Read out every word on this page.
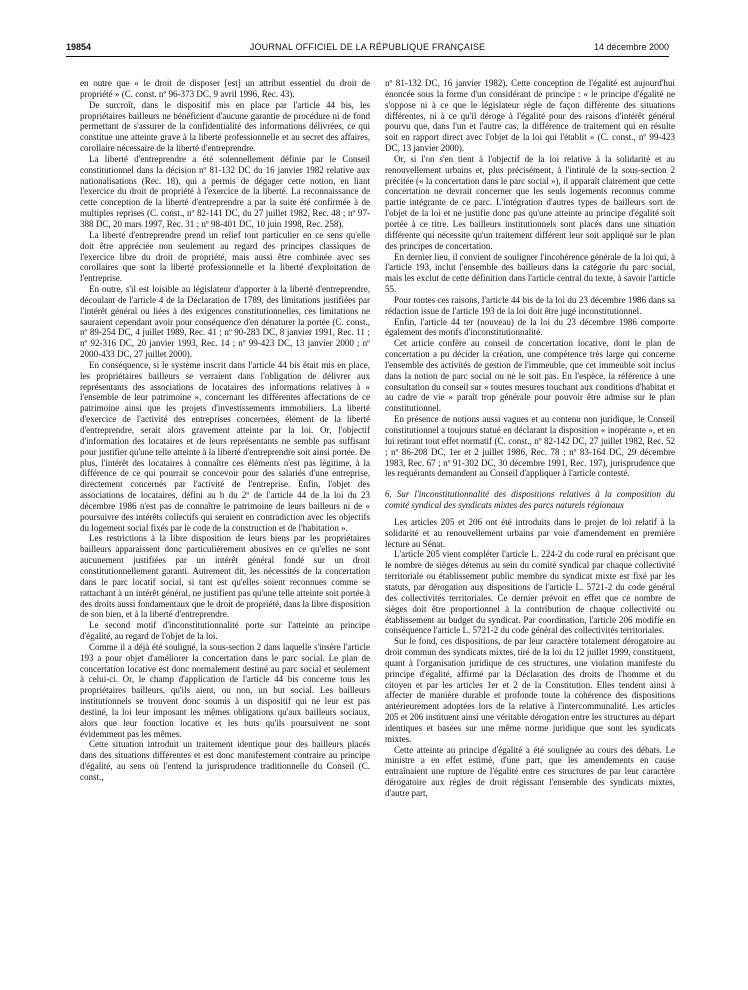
19854	JOURNAL OFFICIEL DE LA RÉPUBLIQUE FRANÇAISE	14 décembre 2000

en outre que « le droit de disposer [est] un attribut essentiel du droit de propriété » (C. const. nº 96-373 DC, 9 avril 1996, Rec. 43).

De surcroît, dans le dispositif mis en place par l'article 44 bis, les propriétaires bailleurs ne bénéficient d'aucune garantie de procédure ni de fond permettant de s'assurer de la confidentialité des informations délivrées, ce qui constitue une atteinte grave à la liberté professionnelle et au secret des affaires, corollaire nécessaire de la liberté d'entreprendre.

La liberté d'entreprendre a été solennellement définie par le Conseil constitutionnel dans la décision nº 81-132 DC du 16 janvier 1982 relative aux nationalisations (Rec. 18), qui a permis de dégager cette notion, en liant l'exercice du droit de propriété à l'exercice de la liberté. La reconnaissance de cette conception de la liberté d'entreprendre a par la suite été confirmée à de multiples reprises (C. const., nº 82-141 DC, du 27 juillet 1982, Rec. 48 ; nº 97-388 DC, 20 mars 1997, Rec. 31 ; nº 98-401 DC, 10 juin 1998, Rec. 258).

La liberté d'entreprendre prend un relief tout particulier en ce sens qu'elle doit être appréciée non seulement au regard des principes classiques de l'exercice libre du droit de propriété, mais aussi être combinée avec ses corollaires que sont la liberté professionnelle et la liberté d'exploitation de l'entreprise.

En outre, s'il est loisible au législateur d'apporter à la liberté d'entreprendre, découlant de l'article 4 de la Déclaration de 1789, des limitations justifiées par l'intérêt général ou liées à des exigences constitutionnelles, ces limitations ne sauraient cependant avoir pour conséquence d'en dénaturer la portée (C. const., nº 89-254 DC, 4 juillet 1989, Rec. 41 ; nº 90-283 DC, 8 janvier 1991, Rec. 11 ; nº 92-316 DC, 20 janvier 1993, Rec. 14 ; nº 99-423 DC, 13 janvier 2000 ; nº 2000-433 DC, 27 juillet 2000).

En conséquence, si le système inscrit dans l'article 44 bis était mis en place, les propriétaires bailleurs se verraient dans l'obligation de délivrer aux représentants des associations de locataires des informations relatives à « l'ensemble de leur patrimoine », concernant les différentes affectations de ce patrimoine ainsi que les projets d'investissements immobiliers. La liberté d'exercice de l'activité des entreprises concernées, élément de la liberté d'entreprendre, serait alors gravement atteinte par la loi. Or, l'objectif d'information des locataires et de leurs représentants ne semble pas suffisant pour justifier qu'une telle atteinte à la liberté d'entreprendre soit ainsi portée. De plus, l'intérêt des locataires à connaître ces éléments n'est pas légitime, à la différence de ce qui pourrait se concevoir pour des salariés d'une entreprise, directement concernés par l'activité de l'entreprise. Enfin, l'objet des associations de locataires, défini au b du 2º de l'article 44 de la loi du 23 décembre 1986 n'est pas de connaître le patrimoine de leurs bailleurs ni de « poursuivre des intérêts collectifs qui seraient en contradiction avec les objectifs du logement social fixés par le code de la construction et de l'habitation ».

Les restrictions à la libre disposition de leurs biens par les propriétaires bailleurs apparaissent donc particulièrement abusives en ce qu'elles ne sont aucunement justifiées par un intérêt général fondé sur un droit constitutionnellement garanti. Autrement dit, les nécessités de la concertation dans le parc locatif social, si tant est qu'elles soient reconnues comme se rattachant à un intérêt général, ne justifient pas qu'une telle atteinte soit portée à des droits aussi fondamentaux que le droit de propriété, dans la libre disposition de son bien, et à la liberté d'entreprendre.

Le second motif d'inconstitutionnalité porte sur l'atteinte au principe d'égalité, au regard de l'objet de la loi.

Comme il a déjà été souligné, la sous-section 2 dans laquelle s'insère l'article 193 a pour objet d'améliorer la concertation dans le parc social. Le plan de concertation locative est donc normalement destiné au parc social et seulement à celui-ci. Or, le champ d'application de l'article 44 bis concerne tous les propriétaires bailleurs, qu'ils aient, ou non, un but social. Les bailleurs institutionnels se trouvent donc soumis à un dispositif qui ne leur est pas destiné, la loi leur imposant les mêmes obligations qu'aux bailleurs sociaux, alors que leur fonction locative et les buts qu'ils poursuivent ne sont évidemment pas les mêmes.

Cette situation introduit un traitement identique pour des bailleurs placés dans des situations différentes et est donc manifestement contraire au principe d'égalité, au sens où l'entend la jurisprudence traditionnelle du Conseil (C. const.,

nº 81-132 DC, 16 janvier 1982). Cette conception de l'égalité est aujourd'hui énoncée sous la forme d'un considérant de principe : « le principe d'égalité ne s'oppose ni à ce que le législateur règle de façon différente des situations différentes, ni à ce qu'il déroge à l'égalité pour des raisons d'intérêt général pourvu que, dans l'un et l'autre cas, la différence de traitement qui en résulte soit en rapport direct avec l'objet de la loi qui l'établit » (C. const., nº 99-423 DC, 13 janvier 2000).

Or, si l'on s'en tient à l'objectif de la loi relative à la solidarité et au renouvellement urbains et, plus précisément, à l'intitulé de la sous-section 2 précitée (« la concertation dans le parc social »), il apparaît clairement que cette concertation ne devrait concerner que les seuls logements reconnus comme partie intégrante de ce parc. L'intégration d'autres types de bailleurs sort de l'objet de la loi et ne justifie donc pas qu'une atteinte au principe d'égalité soit portée à ce titre. Les bailleurs institutionnels sont placés dans une situation différente qui nécessite qu'un traitement différent leur soit appliqué sur le plan des principes de concertation.

En dernier lieu, il convient de souligner l'incohérence générale de la loi qui, à l'article 193, inclut l'ensemble des bailleurs dans la catégorie du parc social, mais les exclut de cette définition dans l'article central du texte, à savoir l'article 55.

Pour toutes ces raisons, l'article 44 bis de la loi du 23 décembre 1986 dans sa rédaction issue de l'article 193 de la loi doit être jugé inconstitutionnel.

Enfin, l'article 44 ter (nouveau) de la loi du 23 décembre 1986 comporte également des motifs d'inconstitutionnalité.

Cet article confère au conseil de concertation locative, dont le plan de concertation a pu décider la création, une compétence très large qui concerne l'ensemble des activités de gestion de l'immeuble, que cet immeuble soit inclus dans la notion de parc social ou ne le soit pas. En l'espèce, la référence à une consultation du conseil sur « toutes mesures touchant aux conditions d'habitat et au cadre de vie » paraît trop générale pour pouvoir être admise sur le plan constitutionnel.

En présence de notions aussi vagues et au contenu non juridique, le Conseil constitutionnel a toujours statué en déclarant la disposition « inopérante », et en lui retirant tout effet normatif (C. const., nº 82-142 DC, 27 juillet 1982, Rec. 52 ; nº 86-208 DC, 1er et 2 juillet 1986, Rec. 78 ; nº 83-164 DC, 29 décembre 1983, Rec. 67 ; nº 91-302 DC, 30 décembre 1991, Rec. 197), jurisprudence que les requérants demandent au Conseil d'appliquer à l'article contesté.

6. Sur l'inconstitutionnalité des dispositions relatives à la composition du comité syndical des syndicats mixtes des parcs naturels régionaux

Les articles 205 et 206 ont été introduits dans le projet de loi relatif à la solidarité et au renouvellement urbains par voie d'amendement en première lecture au Sénat.

L'article 205 vient compléter l'article L. 224-2 du code rural en précisant que le nombre de sièges détenus au sein du comité syndical par chaque collectivité territoriale ou établissement public membre du syndicat mixte est fixé par les statuts, par dérogation aux dispositions de l'article L. 5721-2 du code général des collectivités territoriales. Ce dernier prévoit en effet que ce nombre de sièges doit être proportionnel à la contribution de chaque collectivité ou établissement au budget du syndicat. Par coordination, l'article 206 modifie en conséquence l'article L. 5721-2 du code général des collectivités territoriales.

Sur le fond, ces dispositions, de par leur caractère totalement dérogatoire au droit commun des syndicats mixtes, tiré de la loi du 12 juillet 1999, constituent, quant à l'organisation juridique de ces structures, une violation manifeste du principe d'égalité, affirmé par la Déclaration des droits de l'homme et du citoyen et par les articles 1er et 2 de la Constitution. Elles tendent ainsi à affecter de manière durable et profonde toute la cohérence des dispositions antérieurement adoptées lors de la relative à l'intercommunalité. Les articles 205 et 206 instituent ainsi une véritable dérogation entre les structures au départ identiques et basées sur une même norme juridique que sont les syndicats mixtes.

Cette atteinte au principe d'égalité a été soulignée au cours des débats. Le ministre a en effet estimé, d'une part, que les amendements en cause entraînaient une rupture de l'égalité entre ces structures de par leur caractère dérogatoire aux règles de droit régissant l'ensemble des syndicats mixtes, d'autre part,
